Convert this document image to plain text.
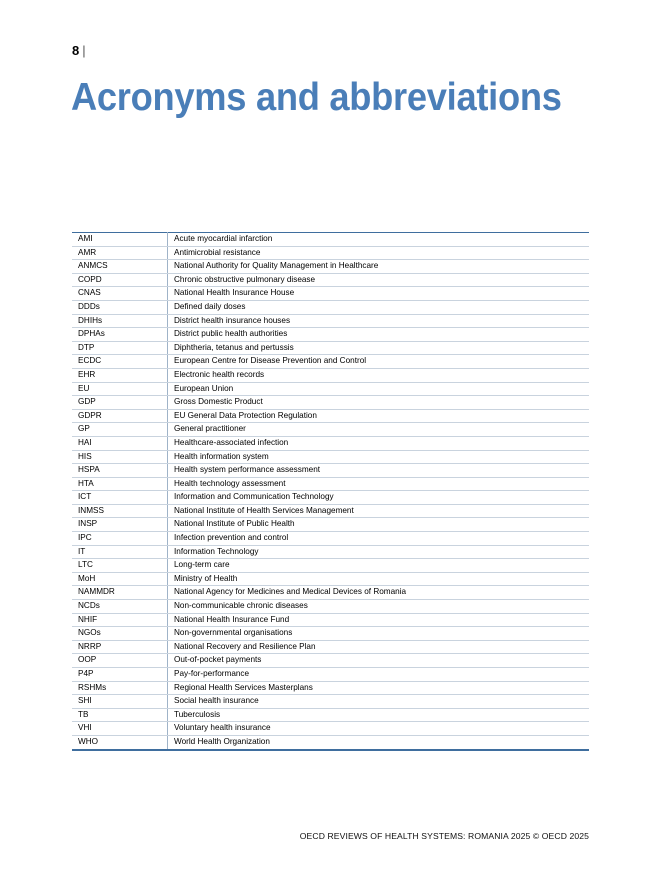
8 |
Acronyms and abbreviations
AMI	Acute myocardial infarction
AMR	Antimicrobial resistance
ANMCS	National Authority for Quality Management in Healthcare
COPD	Chronic obstructive pulmonary disease
CNAS	National Health Insurance House
DDDs	Defined daily doses
DHIHs	District health insurance houses
DPHAs	District public health authorities
DTP	Diphtheria, tetanus and pertussis
ECDC	European Centre for Disease Prevention and Control
EHR	Electronic health records
EU	European Union
GDP	Gross Domestic Product
GDPR	EU General Data Protection Regulation
GP	General practitioner
HAI	Healthcare-associated infection
HIS	Health information system
HSPA	Health system performance assessment
HTA	Health technology assessment
ICT	Information and Communication Technology
INMSS	National Institute of Health Services Management
INSP	National Institute of Public Health
IPC	Infection prevention and control
IT	Information Technology
LTC	Long-term care
MoH	Ministry of Health
NAMMDR	National Agency for Medicines and Medical Devices of Romania
NCDs	Non-communicable chronic diseases
NHIF	National Health Insurance Fund
NGOs	Non-governmental organisations
NRRP	National Recovery and Resilience Plan
OOP	Out-of-pocket payments
P4P	Pay-for-performance
RSHMs	Regional Health Services Masterplans
SHI	Social health insurance
TB	Tuberculosis
VHI	Voluntary health insurance
WHO	World Health Organization
OECD REVIEWS OF HEALTH SYSTEMS: ROMANIA 2025 © OECD 2025
